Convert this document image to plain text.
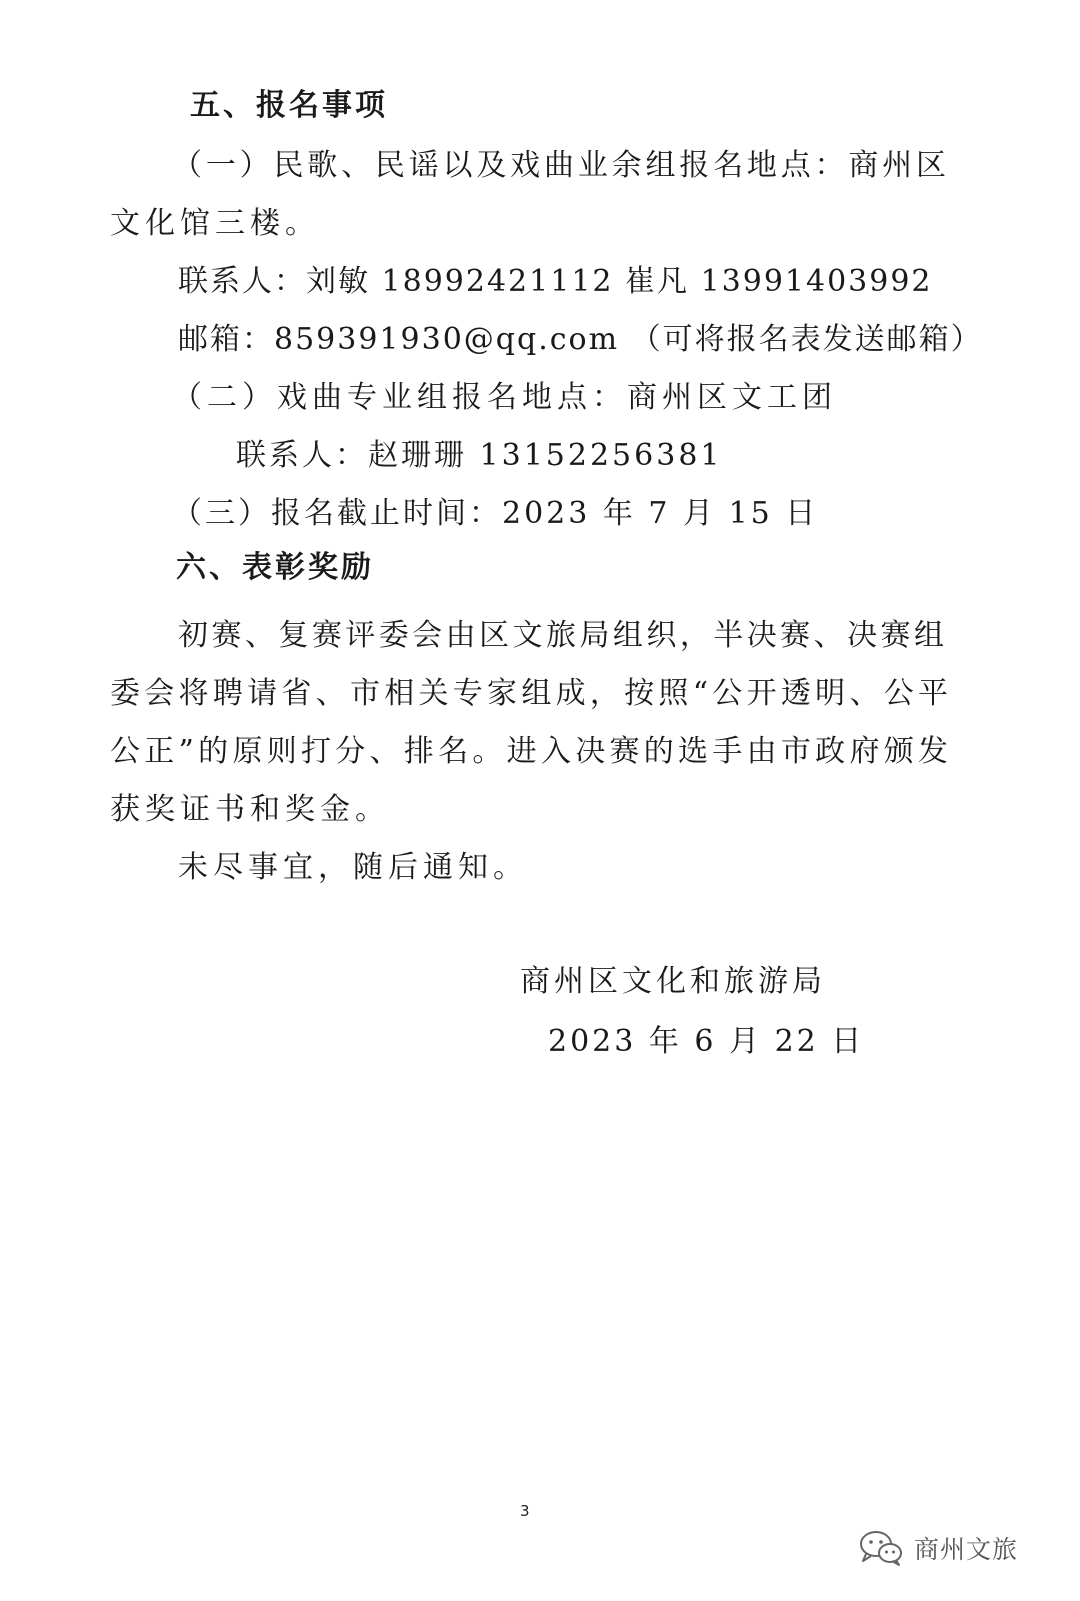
五、报名事项
（一）民歌、民谣以及戏曲业余组报名地点：商州区
文化馆三楼。
联系人：刘敏 18992421112 崔凡 13991403992
邮箱：859391930@qq.com （可将报名表发送邮箱）
（二）戏曲专业组报名地点：商州区文工团
联系人：赵珊珊 13152256381
（三）报名截止时间：2023 年 7 月 15 日
六、表彰奖励
初赛、复赛评委会由区文旅局组织，半决赛、决赛组
委会将聘请省、市相关专家组成，按照“公开透明、公平
公正”的原则打分、排名。进入决赛的选手由市政府颁发
获奖证书和奖金。
未尽事宜，随后通知。
商州区文化和旅游局
2023 年 6 月 22 日
3
商州文旅
